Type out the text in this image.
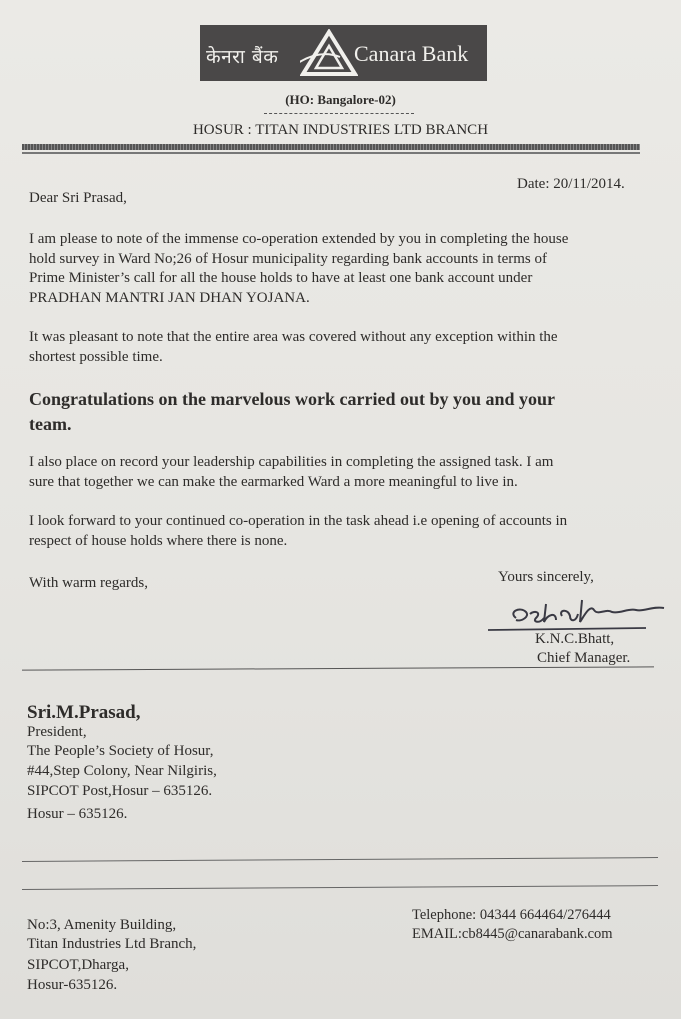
केनरा बैंक	Canara Bank
(HO: Bangalore-02)
HOSUR : TITAN INDUSTRIES LTD BRANCH
Date: 20/11/2014.
Dear Sri Prasad,
I am please to note of the immense co-operation extended by you in completing the house
hold survey in Ward No;26 of Hosur municipality regarding bank accounts in terms of
Prime Minister’s call for all the house holds to have at least one bank account under
PRADHAN MANTRI JAN DHAN YOJANA.
It was pleasant to note that the entire area was covered without any exception within the
shortest possible time.
Congratulations on the marvelous work carried out by you and your
team.
I also place on record your leadership capabilities in completing the assigned task. I am
sure that together we can make the earmarked Ward a more meaningful to live in.
I look forward to your continued co-operation in the task ahead i.e opening of accounts in
respect of house holds where there is none.
With warm regards,	Yours sincerely,
K.N.C.Bhatt,
Chief Manager.
Sri.M.Prasad,
President,
The People’s Society of Hosur,
#44,Step Colony, Near Nilgiris,
SIPCOT Post,Hosur – 635126.
Hosur – 635126.
No:3, Amenity Building,
Titan Industries Ltd Branch,
SIPCOT,Dharga,
Hosur-635126.
Telephone: 04344 664464/276444
EMAIL:cb8445@canarabank.com
